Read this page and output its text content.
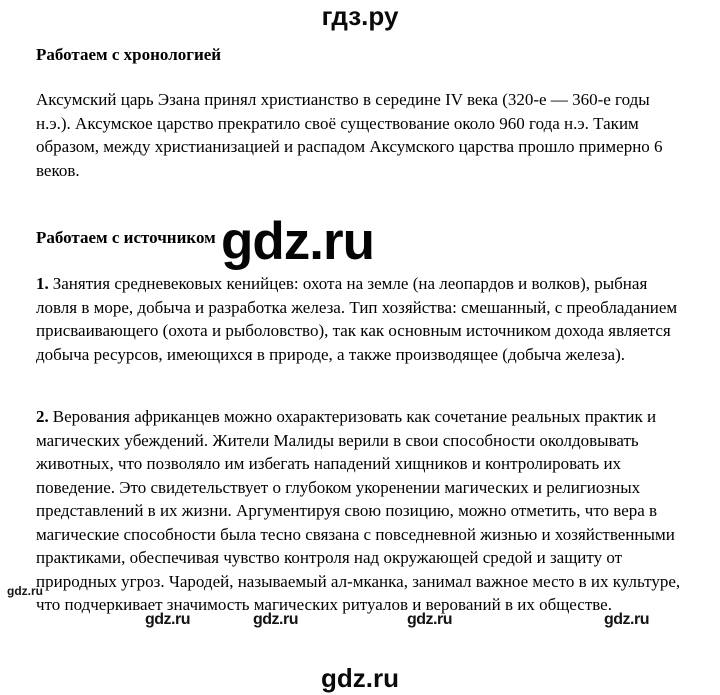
гдз.ру
Работаем с хронологией

Аксумский царь Эзана принял христианство в середине IV века (320-е — 360-е годы н.э.). Аксумское царство прекратило своё существование около 960 года н.э. Таким образом, между христианизацией и распадом Аксумского царства прошло примерно 6 веков.

Работаем с источником gdz.ru

1. Занятия средневековых кенийцев: охота на земле (на леопардов и волков), рыбная ловля в море, добыча и разработка железа. Тип хозяйства: смешанный, с преобладанием присваивающего (охота и рыболовство), так как основным источником дохода является добыча ресурсов, имеющихся в природе, а также производящее (добыча железа).

2. Верования африканцев можно охарактеризовать как сочетание реальных практик и магических убеждений. Жители Малиды верили в свои способности околдовывать животных, что позволяло им избегать нападений хищников и контролировать их поведение. Это свидетельствует о глубоком укоренении магических и религиозных представлений в их жизни. Аргументируя свою позицию, можно отметить, что вера в магические способности была тесно связана с повседневной жизнью и хозяйственными практиками, обеспечивая чувство контроля над окружающей средой и защиту от природных угроз. Чародей, называемый ал-мканка, занимал важное место в их культуре, что подчеркивает значимость магических ритуалов и верований в их обществе.

gdz.ru
gdz.ru	gdz.ru	gdz.ru	gdz.ru
gdz.ru
